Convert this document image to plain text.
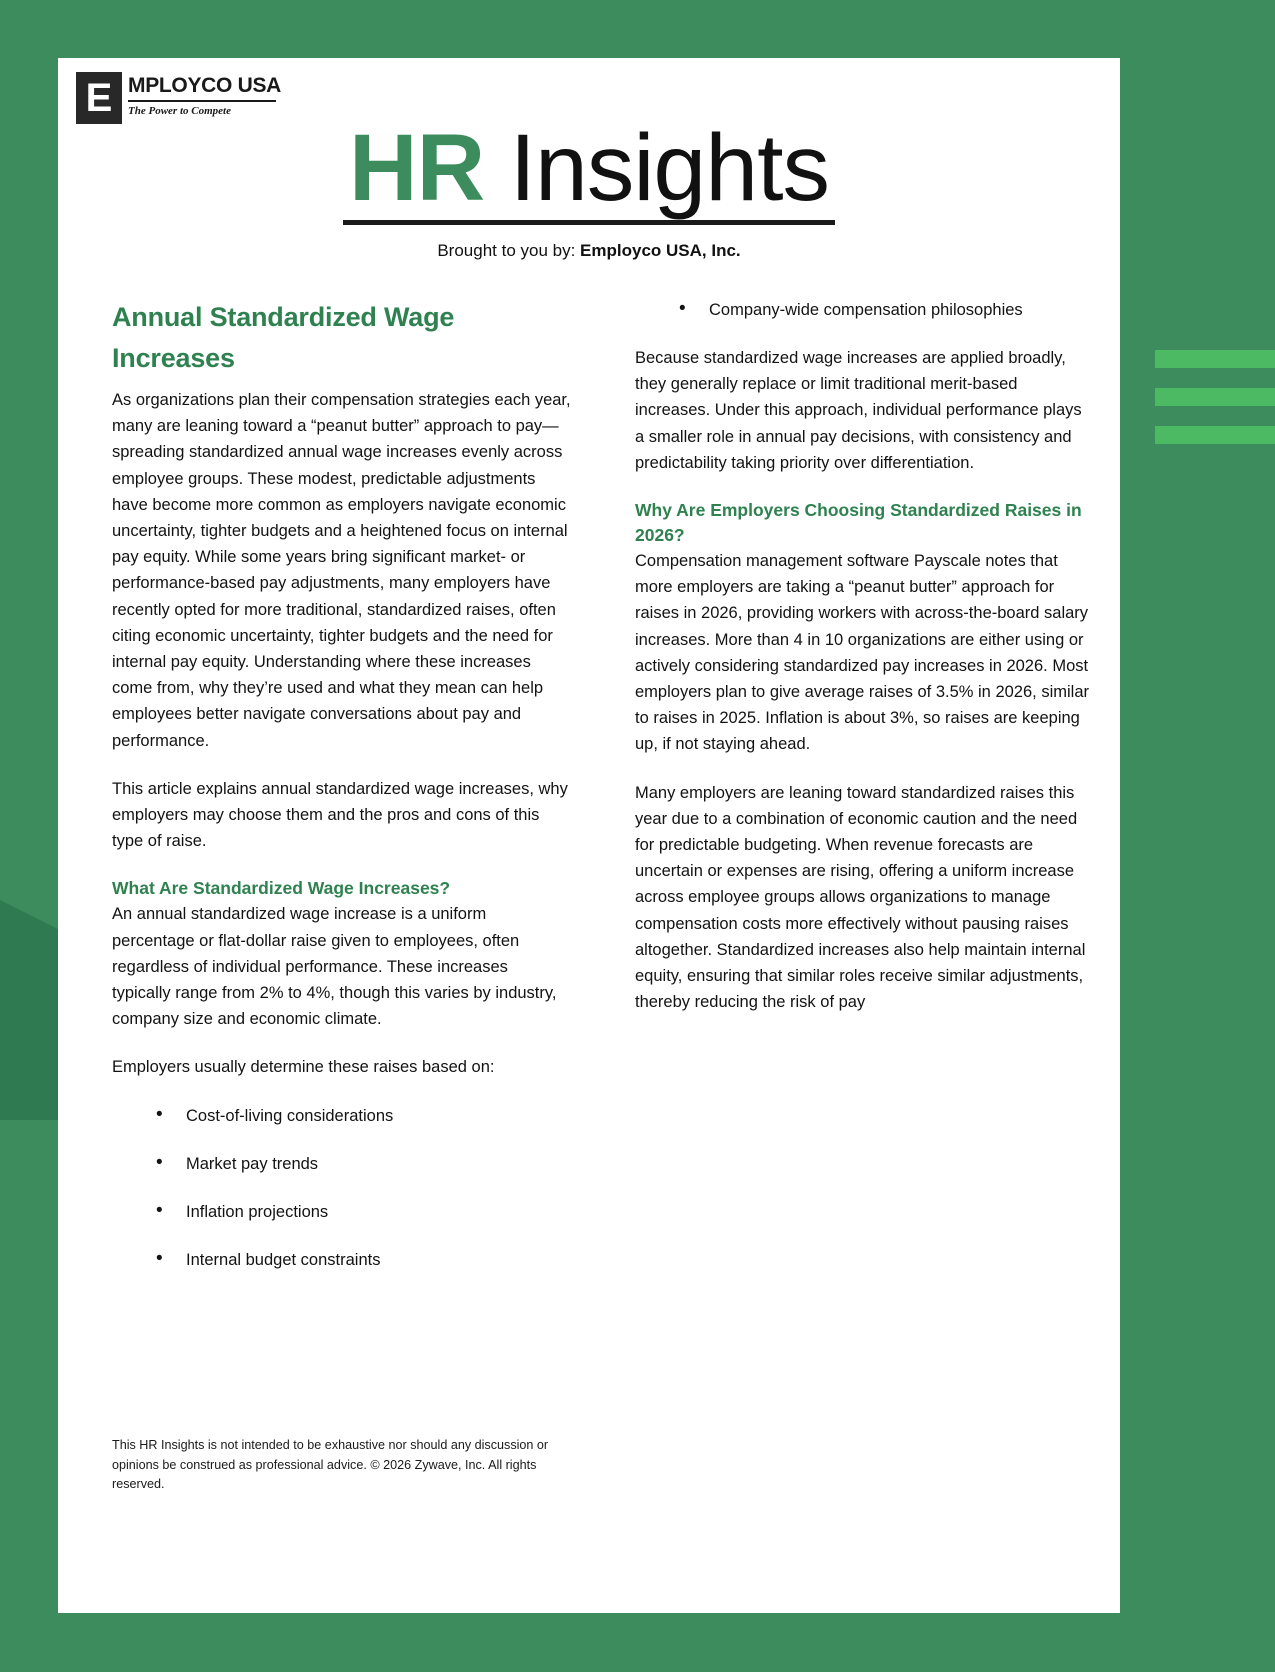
E MPLOYCO USA
The Power to Compete
HR Insights
Brought to you by: Employco USA, Inc.
Annual Standardized Wage Increases

As organizations plan their compensation strategies each year, many are leaning toward a “peanut butter” approach to pay—spreading standardized annual wage increases evenly across employee groups. These modest, predictable adjustments have become more common as employers navigate economic uncertainty, tighter budgets and a heightened focus on internal pay equity. While some years bring significant market- or performance-based pay adjustments, many employers have recently opted for more traditional, standardized raises, often citing economic uncertainty, tighter budgets and the need for internal pay equity. Understanding where these increases come from, why they’re used and what they mean can help employees better navigate conversations about pay and performance.

This article explains annual standardized wage increases, why employers may choose them and the pros and cons of this type of raise.

What Are Standardized Wage Increases?

An annual standardized wage increase is a uniform percentage or flat-dollar raise given to employees, often regardless of individual performance. These increases typically range from 2% to 4%, though this varies by industry, company size and economic climate.

Employers usually determine these raises based on:

• Cost-of-living considerations
• Market pay trends
• Inflation projections
• Internal budget constraints
• Company-wide compensation philosophies

Because standardized wage increases are applied broadly, they generally replace or limit traditional merit-based increases. Under this approach, individual performance plays a smaller role in annual pay decisions, with consistency and predictability taking priority over differentiation.

Why Are Employers Choosing Standardized Raises in 2026?

Compensation management software Payscale notes that more employers are taking a “peanut butter” approach for raises in 2026, providing workers with across-the-board salary increases. More than 4 in 10 organizations are either using or actively considering standardized pay increases in 2026. Most employers plan to give average raises of 3.5% in 2026, similar to raises in 2025. Inflation is about 3%, so raises are keeping up, if not staying ahead.

Many employers are leaning toward standardized raises this year due to a combination of economic caution and the need for predictable budgeting. When revenue forecasts are uncertain or expenses are rising, offering a uniform increase across employee groups allows organizations to manage compensation costs more effectively without pausing raises altogether. Standardized increases also help maintain internal equity, ensuring that similar roles receive similar adjustments, thereby reducing the risk of pay

This HR Insights is not intended to be exhaustive nor should any discussion or opinions be construed as professional advice. © 2026 Zywave, Inc. All rights reserved.
